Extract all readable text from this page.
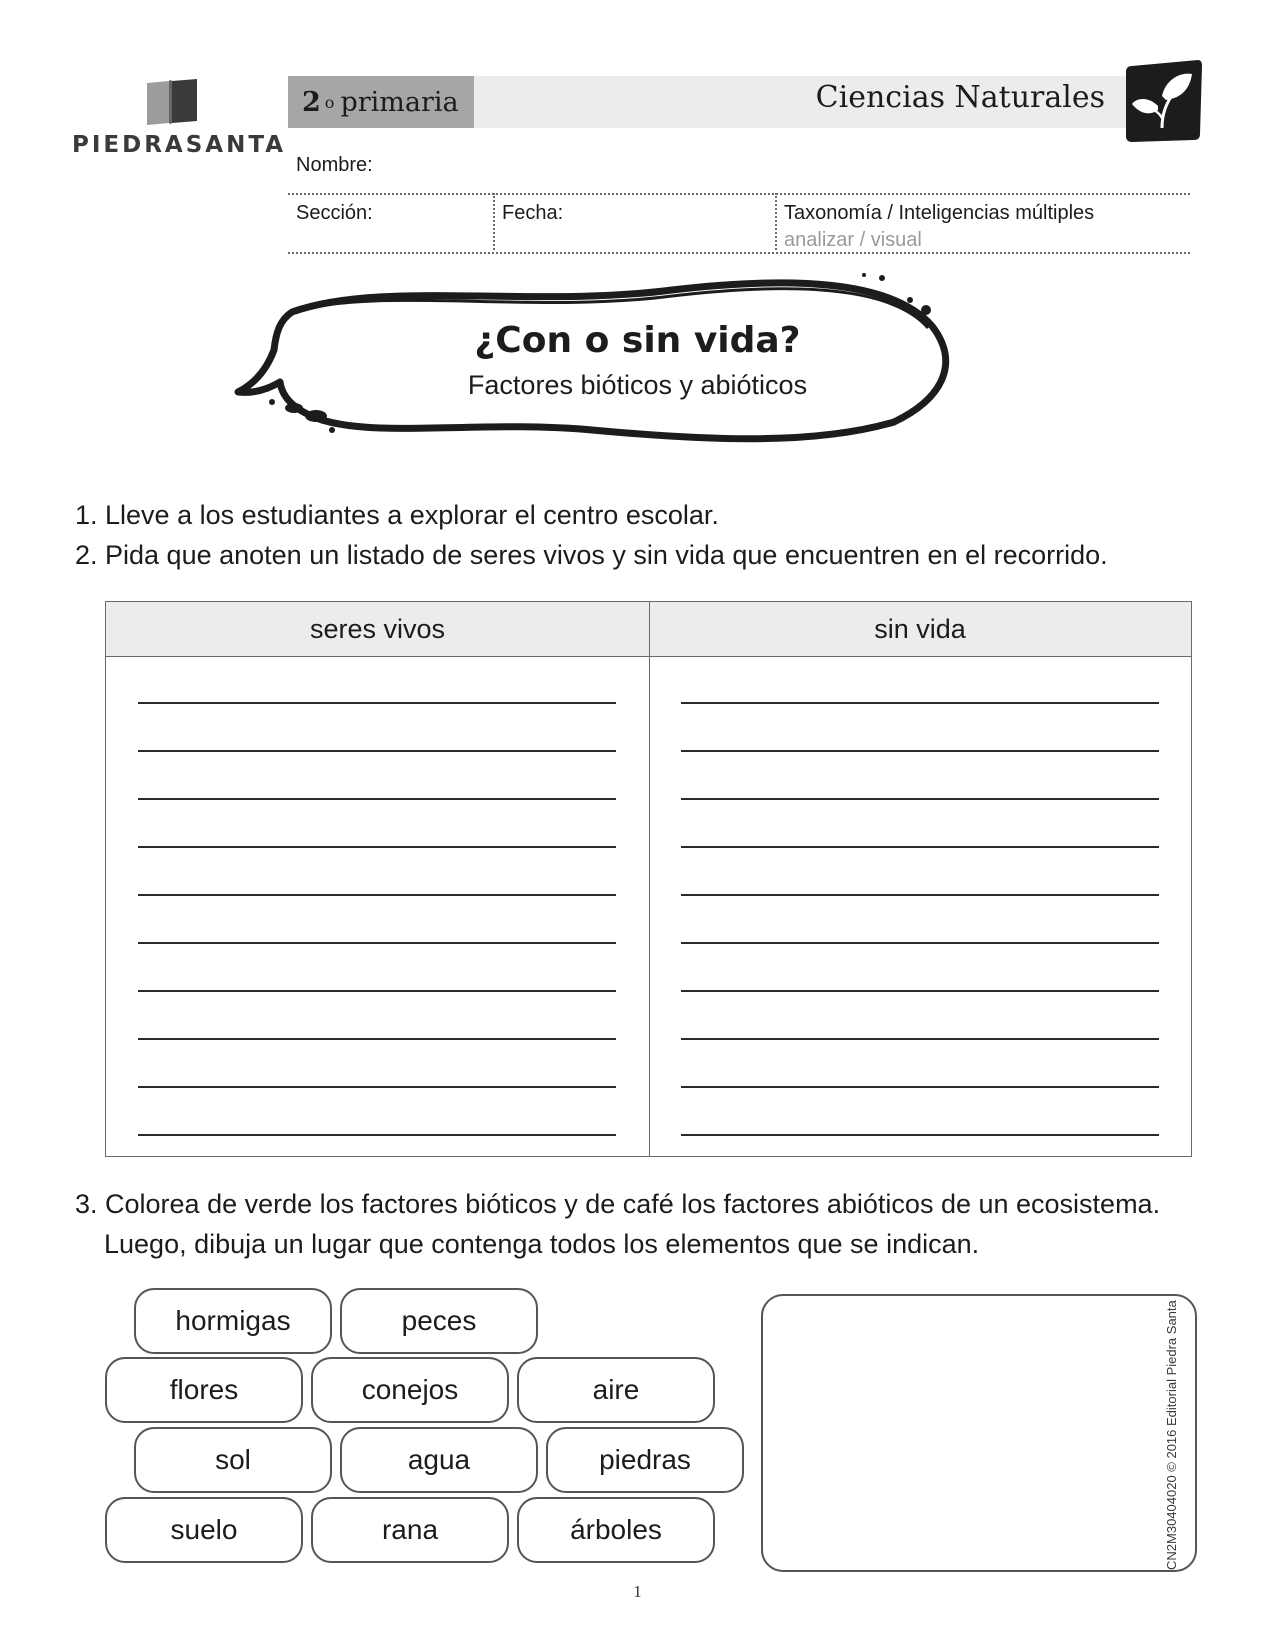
PIEDRASANTA
2 o primaria	Ciencias Naturales
Nombre:
Sección:	Fecha:	Taxonomía / Inteligencias múltiples
analizar / visual
¿Con o sin vida?
Factores bióticos y abióticos
1. Lleve a los estudiantes a explorar el centro escolar.
2. Pida que anoten un listado de seres vivos y sin vida que encuentren en el recorrido.
seres vivos	sin vida
3. Colorea de verde los factores bióticos y de café los factores abióticos de un ecosistema.
Luego, dibuja un lugar que contenga todos los elementos que se indican.
hormigas	peces
flores	conejos	aire
sol	agua	piedras
suelo	rana	árboles	CN2M30404020 © 2016 Editorial Piedra Santa
1
